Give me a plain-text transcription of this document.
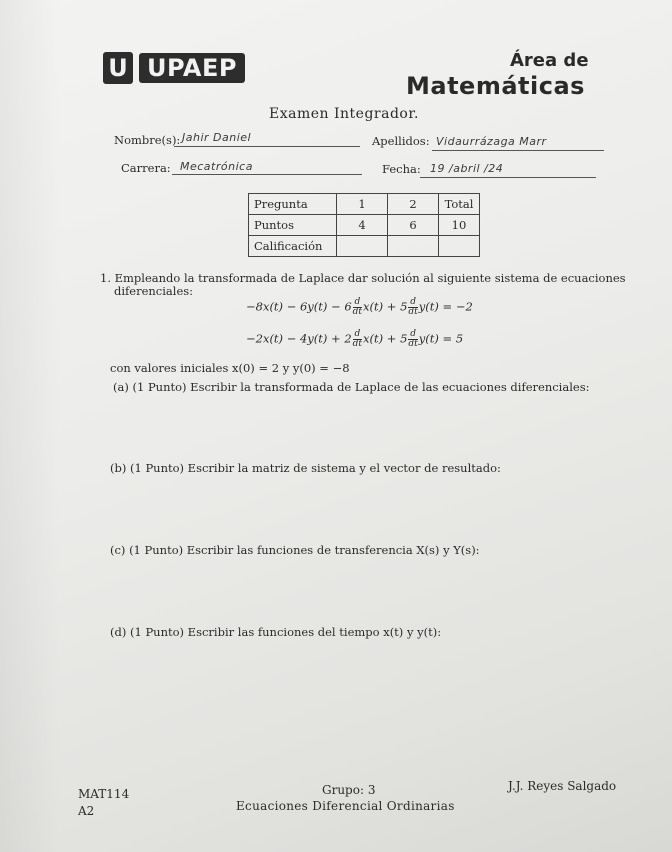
U UPAEP	Área de
Matemáticas
Examen Integrador.
Nombre(s): Jahir Daniel	Apellidos: Vidaurrázaga Marr
Carrera: Mecatrónica	Fecha: 19 /abril /24
Pregunta	1	2	Total
Puntos	4	6	10
Calificación			
1. Empleando la transformada de Laplace dar solución al siguiente sistema de ecuaciones
diferenciales:
$-8x(t) - 6y(t) - 6 \frac{d}{dt} x(t) + 5 \frac{d}{dt} y(t) = -2$
$-2x(t) - 4y(t) + 2 \frac{d}{dt} x(t) + 5 \frac{d}{dt} y(t) = 5$
con valores iniciales x(0) = 2 y y(0) = −8
(a) (1 Punto) Escribir la transformada de Laplace de las ecuaciones diferenciales:
(b) (1 Punto) Escribir la matriz de sistema y el vector de resultado:
(c) (1 Punto) Escribir las funciones de transferencia X(s) y Y(s):
(d) (1 Punto) Escribir las funciones del tiempo x(t) y y(t):
MAT114
A2
Grupo: 3
Ecuaciones Diferencial Ordinarias
J.J. Reyes Salgado
